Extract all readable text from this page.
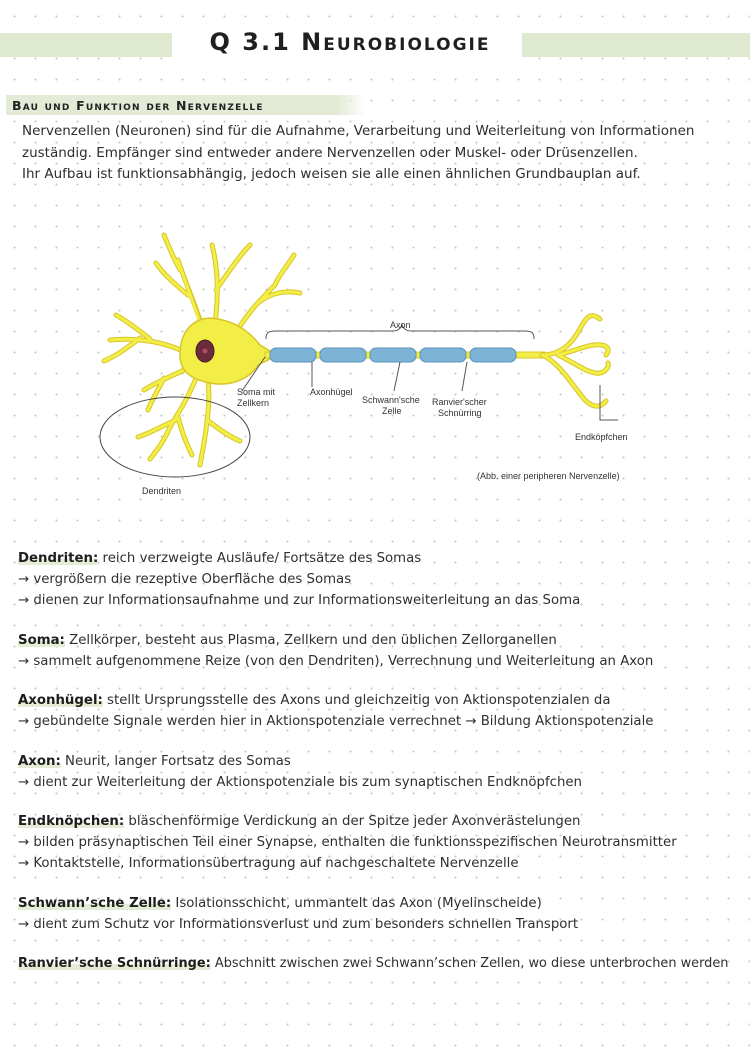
Q 3.1 Neurobiologie
Bau und Funktion der Nervenzelle
Nervenzellen (Neuronen) sind für die Aufnahme, Verarbeitung und Weiterleitung von Informationen
zuständig. Empfänger sind entweder andere Nervenzellen oder Muskel- oder Drüsenzellen.
Ihr Aufbau ist funktionsabhängig, jedoch weisen sie alle einen ähnlichen Grundbauplan auf.
Axon
Soma mit
Zellkern
Axonhügel
Schwann'sche
Zelle
Ranvier'scher
Schnürring
Endköpfchen
(Abb. einer peripheren Nervenzelle)
Dendriten
Dendriten: reich verzweigte Ausläufe/ Fortsätze des Somas
→ vergrößern die rezeptive Oberfläche des Somas
→ dienen zur Informationsaufnahme und zur Informationsweiterleitung an das Soma
Soma: Zellkörper, besteht aus Plasma, Zellkern und den üblichen Zellorganellen
→ sammelt aufgenommene Reize (von den Dendriten), Verrechnung und Weiterleitung an Axon
Axonhügel: stellt Ursprungsstelle des Axons und gleichzeitig von Aktionspotenzialen da
→ gebündelte Signale werden hier in Aktionspotenziale verrechnet → Bildung Aktionspotenziale
Axon: Neurit, langer Fortsatz des Somas
→ dient zur Weiterleitung der Aktionspotenziale bis zum synaptischen Endknöpfchen
Endknöpchen: bläschenförmige Verdickung an der Spitze jeder Axonverästelungen
→ bilden präsynaptischen Teil einer Synapse, enthalten die funktionsspezifischen Neurotransmitter
→ Kontaktstelle, Informationsübertragung auf nachgeschaltete Nervenzelle
Schwann’sche Zelle: Isolationsschicht, ummantelt das Axon (Myelinscheide)
→ dient zum Schutz vor Informationsverlust und zum besonders schnellen Transport
Ranvier’sche Schnürringe: Abschnitt zwischen zwei Schwann’schen Zellen, wo diese unterbrochen werden
